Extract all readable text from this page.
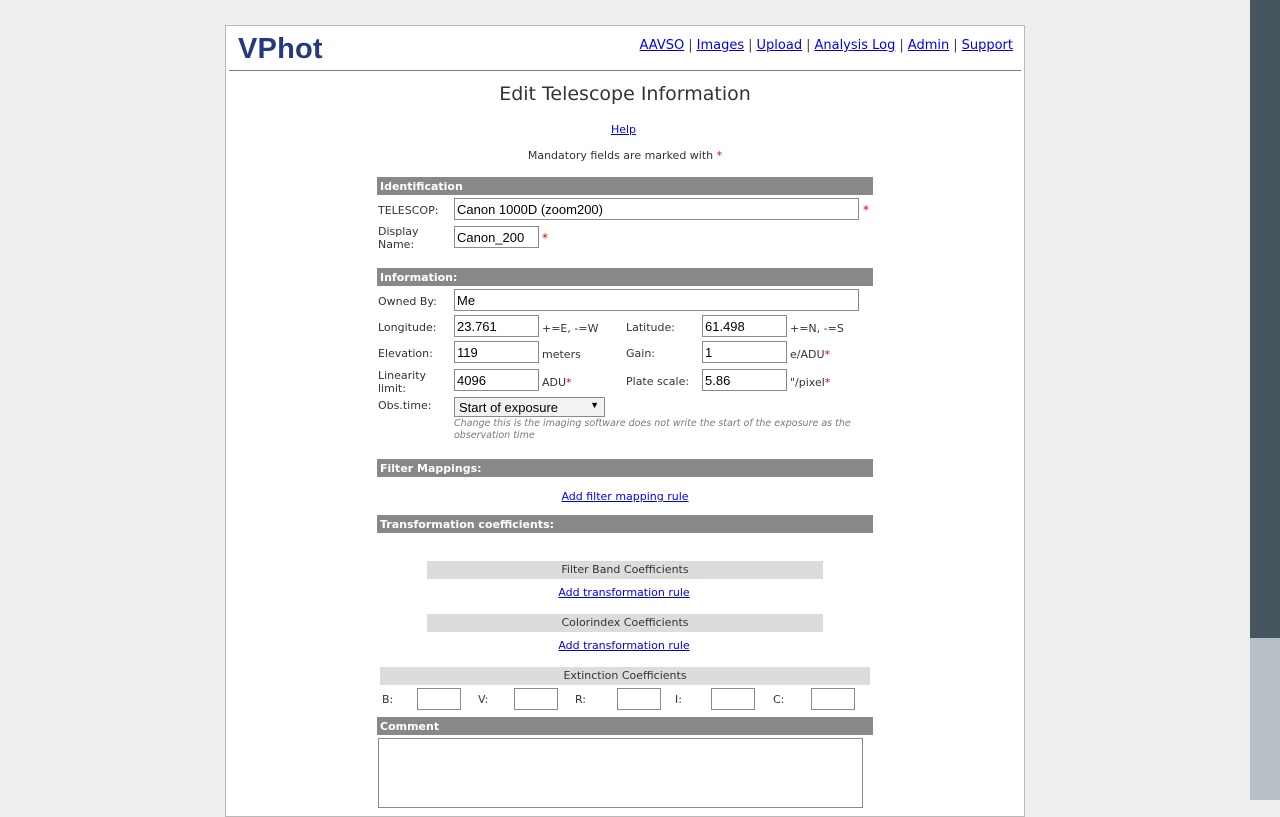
VPhot	AAVSO | Images | Upload | Analysis Log | Admin | Support
Edit Telescope Information
Help
Mandatory fields are marked with *
Identification
TELESCOP: Canon 1000D (zoom200)	*
Display Name:	Canon_200	*
Information:
Owned By: Me
Longitude: 23.761	+=E, -=W	Latitude: 61.498	+=N, -=S
Elevation: 119	meters	Gain:	1	e/ADU*
Linearity limit:
4096	ADU*	Plate scale: 5.86	"/pixel*
Obs.time:	Start of exposure	▼
Change this is the imaging software does not write the start of the exposure as the observation time
Filter Mappings:
Add filter mapping rule
Transformation coefficients:
Filter Band Coefficients
Add transformation rule
Colorindex Coefficients
Add transformation rule
Extinction Coefficients
B:	V:	R:	I:	C:
Comment
